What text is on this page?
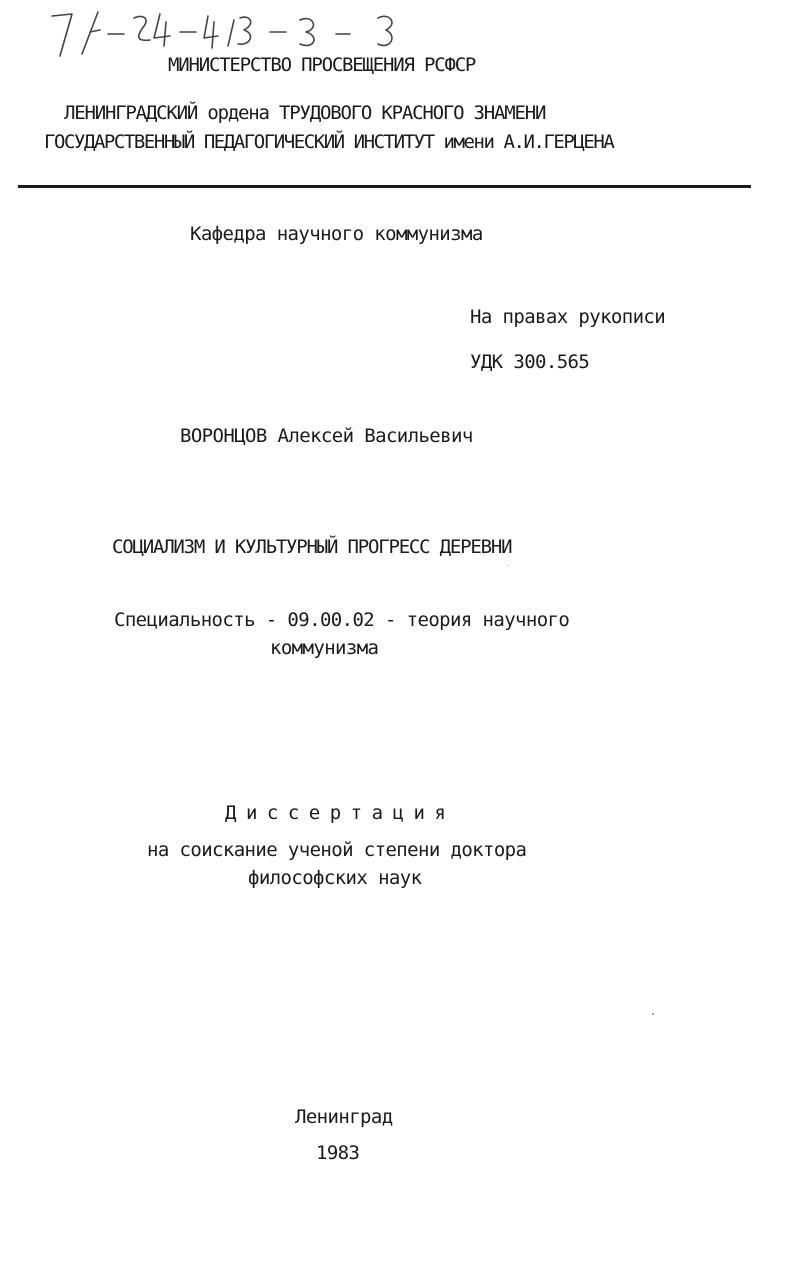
МИНИСТЕРСТВО ПРОСВЕЩЕНИЯ РСФСР
ЛЕНИНГРАДСКИЙ ордена ТРУДОВОГО КРАСНОГО ЗНАМЕНИ
ГОСУДАРСТВЕННЫЙ ПЕДАГОГИЧЕСКИЙ ИНСТИТУТ имени А.И.ГЕРЦЕНА
Кафедра научного коммунизма
На правах рукописи
УДК 300.565
ВОРОНЦОВ Алексей Васильевич
СОЦИАЛИЗМ И КУЛЬТУРНЫЙ ПРОГРЕСС ДЕРЕВНИ
Специальность - 09.00.02 - теория научного
коммунизма
Диссертация
на соискание ученой степени доктора
философских наук
Ленинград
1983
